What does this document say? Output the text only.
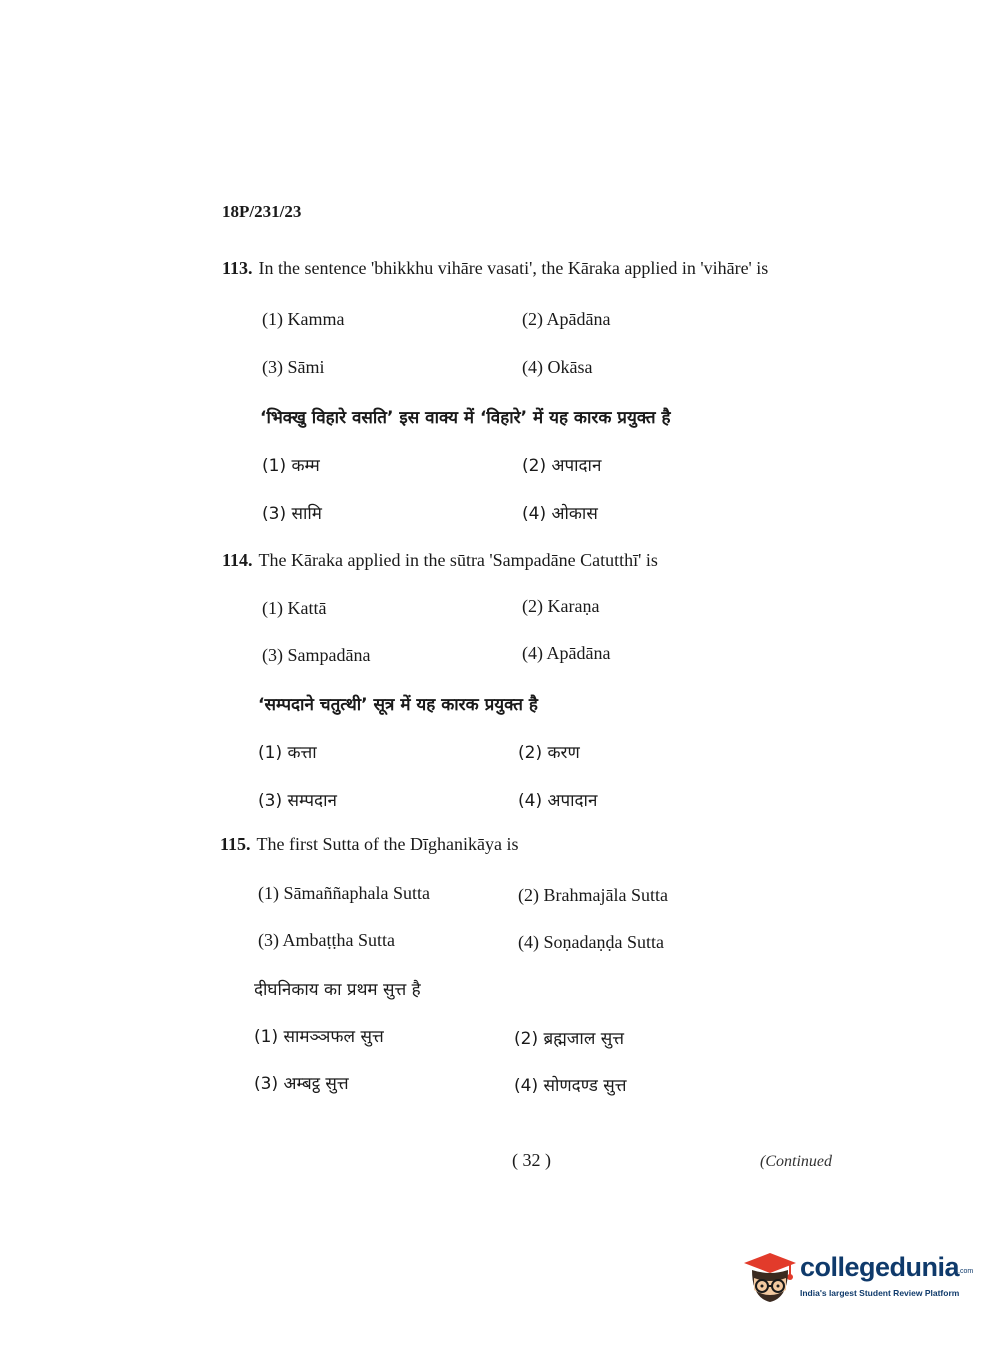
18P/231/23
113. In the sentence 'bhikkhu vihāre vasati', the Kāraka applied in 'vihāre' is
(1) Kamma	(2) Apādāna
(3) Sāmi	(4) Okāsa
‘भिक्खु विहारे वसति’ इस वाक्य में ‘विहारे’ में यह कारक प्रयुक्त है
(1) कम्म	(2) अपादान
(3) सामि	(4) ओकास
114. The Kāraka applied in the sūtra 'Sampadāne Catutthī' is
(1) Kattā	(2) Karaṇa
(3) Sampadāna	(4) Apādāna
‘सम्पदाने चतुत्थी’ सूत्र में यह कारक प्रयुक्त है
(1) कत्ता	(2) करण
(3) सम्पदान	(4) अपादान
115. The first Sutta of the Dīghanikāya is
(1) Sāmaññaphala Sutta	(2) Brahmajāla Sutta
(3) Ambaṭṭha Sutta	(4) Soṇadaṇḍa Sutta
दीघनिकाय का प्रथम सुत्त है
(1) सामञ्ञफल सुत्त	(2) ब्रह्मजाल सुत्त
(3) अम्बट्ठ सुत्त	(4) सोणदण्ड सुत्त
( 32 )	(Continued
collegedunia
.com
India's largest Student Review Platform
